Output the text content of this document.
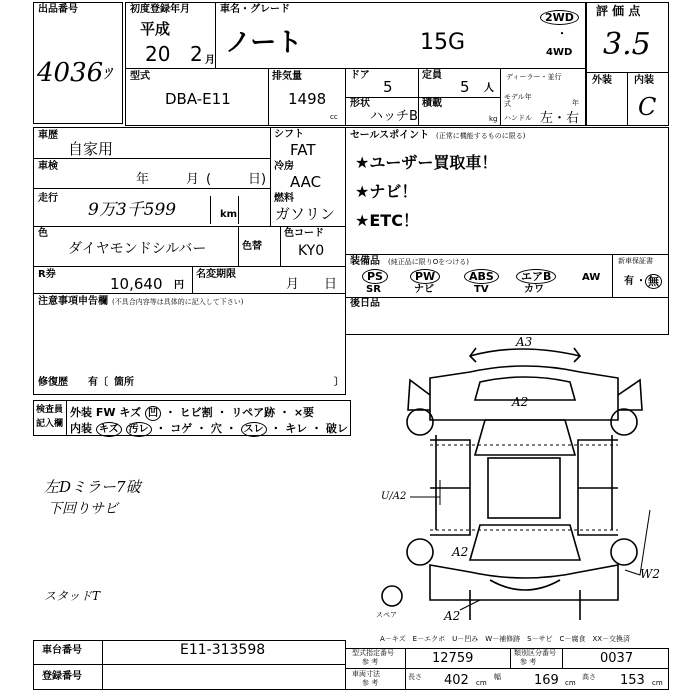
出品番号
4036 ﾂ
初度登録年月
平成
20 2 月
車名・グレード
ノート	15G
2WD
・
4WD
評 価 点
3.5
外装 内装
C
型式
DBA-E11
排気量
1498
cc
ドア
5
定員
5 人
ディーラー・並行
モデル年式	年
形状
ハッチB
積載
kg ハンドル 左・右
車歴
自家用
車検
年	月 (	日)
走行
9万3千599	km
シフト
FAT
冷房
AAC
燃料
ガソリン
色
ダイヤモンドシルバー	色替
色コード
KY0
R券
10,640 円
名変期限
月 日
セールスポイント (正常に機能するものに限る)
★ユーザー買取車！
★ナビ！
★ETC！
装備品 (純正品に限りOをつける)
PS
SR
PW
ナビ
ABS
TV
エアB
カワ
AW
新車保証書
有 ・ 無
注意事項申告欄 (不具合内容等は具体的に記入して下さい)
修復歴 有〔 箇所	〕
後日品
検査員
記入欄
外装 FW キズ 凹 ・ ヒビ割 ・ リペア跡 ・ ×要
内装 キズ 汚レ ・ コゲ ・ 穴 ・ スレ ・ キレ ・ 破レ
左Dミラー7破
下回りサビ
スタッドT
A3
A2
U/A2
A2
W2
A2
スペア
A－キズ　E－エクボ　U－凹み　W－補修跡　S－サビ　C－腐食　XX－交換済
車台番号	E11-313598
登録番号
型式指定番号
参 考	12759	類別区分番号
参 考	0037
車両寸法
参 考
長さ 402 cm
幅	169 cm
高さ 153 cm
